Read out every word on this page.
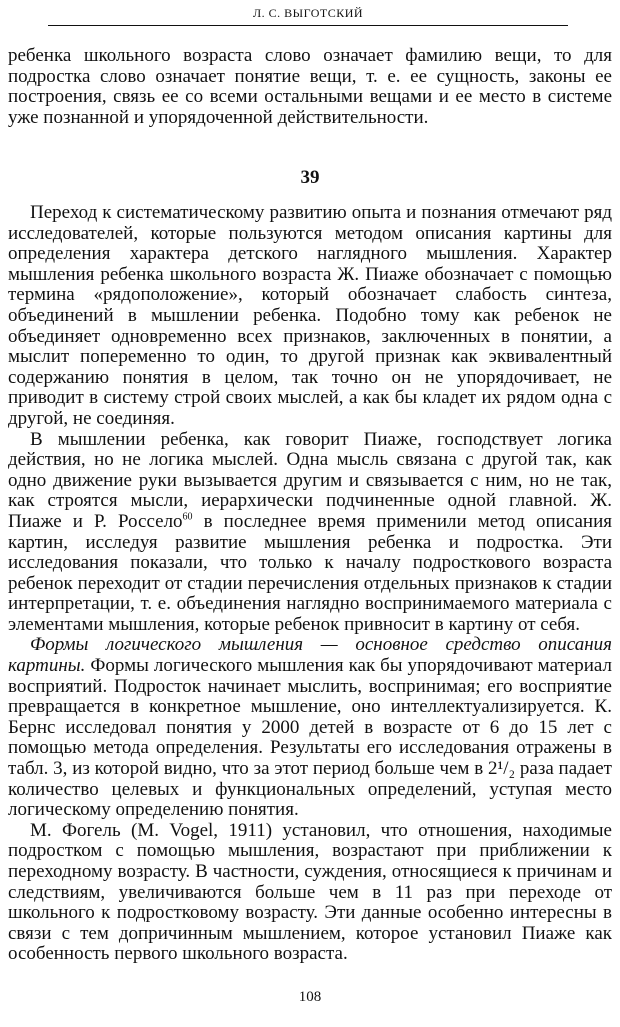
Л. С. ВЫГОТСКИЙ

ребенка школьного возраста слово означает фамилию вещи, то для подростка слово означает понятие вещи, т. е. ее сущность, законы ее построения, связь ее со всеми остальными вещами и ее место в системе уже познанной и упорядоченной действительности.

39

Переход к систематическому развитию опыта и познания отмечают ряд исследователей, которые пользуются методом описания картины для определения характера детского наглядного мышления. Характер мышления ребенка школьного возраста Ж. Пиаже обозначает с помощью термина «рядоположение», который обозначает слабость синтеза, объединений в мышлении ребенка. Подобно тому как ребенок не объединяет одновременно всех признаков, заключенных в понятии, а мыслит попеременно то один, то другой признак как эквивалентный содержанию понятия в целом, так точно он не упорядочивает, не приводит в систему строй своих мыслей, а как бы кладет их рядом одна с другой, не соединяя.

В мышлении ребенка, как говорит Пиаже, господствует логика действия, но не логика мыслей. Одна мысль связана с другой так, как одно движение руки вызывается другим и связывается с ним, но не так, как строятся мысли, иерархически подчиненные одной главной. Ж. Пиаже и Р. Россело$^{60}$ в последнее время применили метод описания картин, исследуя развитие мышления ребенка и подростка. Эти исследования показали, что только к началу подросткового возраста ребенок переходит от стадии перечисления отдельных признаков к стадии интерпретации, т. е. объединения наглядно воспринимаемого материала с элементами мышления, которые ребенок привносит в картину от себя.

Формы логического мышления — основное средство описания картины. Формы логического мышления как бы упорядочивают материал восприятий. Подросток начинает мыслить, воспринимая; его восприятие превращается в конкретное мышление, оно интеллектуализируется. К. Бернс исследовал понятия у 2000 детей в возрасте от 6 до 15 лет с помощью метода определения. Результаты его исследования отражены в табл. 3, из которой видно, что за этот период больше чем в 2¹/₂ раза падает количество целевых и функциональных определений, уступая место логическому определению понятия.

М. Фогель (М. Vogel, 1911) установил, что отношения, находимые подростком с помощью мышления, возрастают при приближении к переходному возрасту. В частности, суждения, относящиеся к причинам и следствиям, увеличиваются больше чем в 11 раз при переходе от школьного к подростковому возрасту. Эти данные особенно интересны в связи с тем допричинным мышлением, которое установил Пиаже как особенность первого школьного возраста.

108
